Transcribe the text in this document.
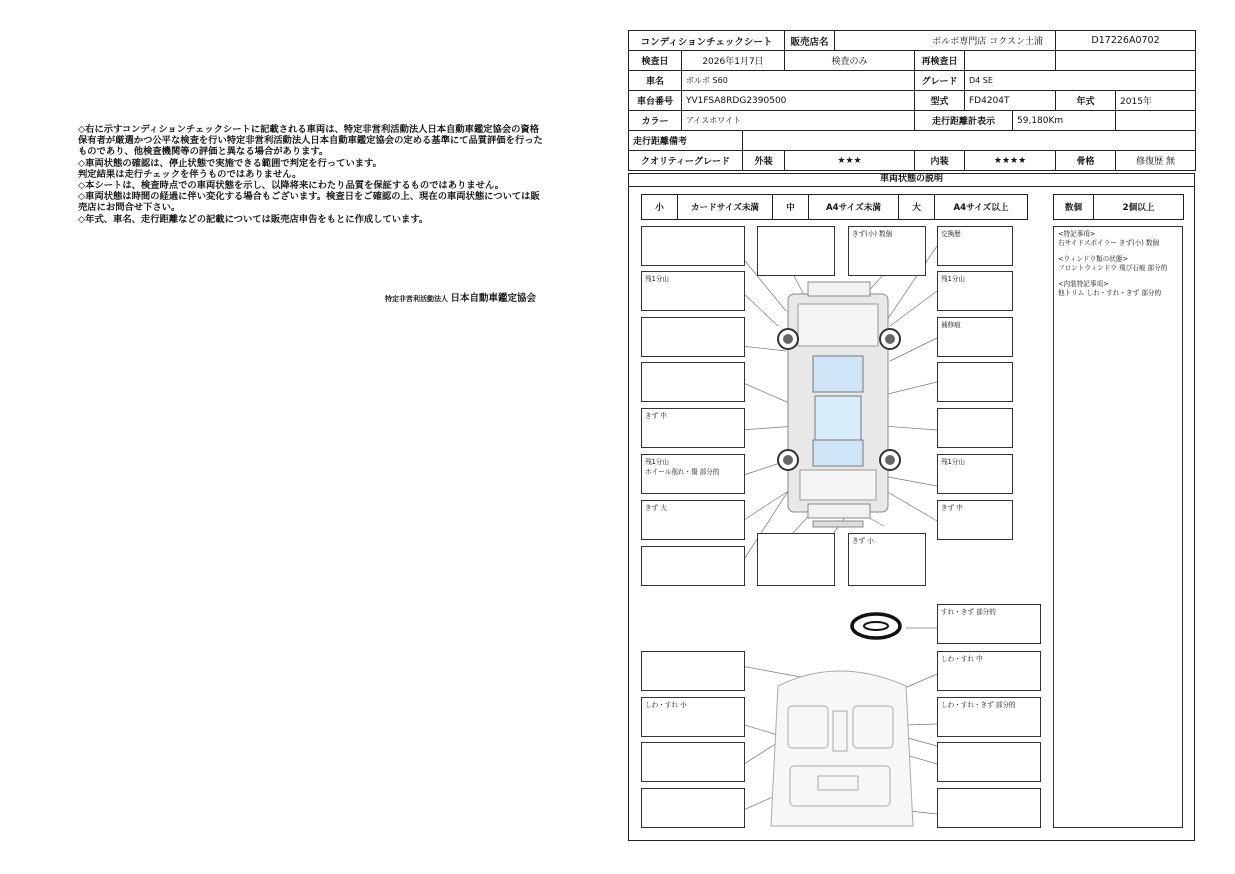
◇右に示すコンディションチェックシートに記載される車両は、特定非営利活動法人日本自動車鑑定協会の資格保有者が厳選かつ公平な検査を行い特定非営利活動法人日本自動車鑑定協会の定める基準にて品質評価を行ったものであり、他検査機関等の評価と異なる場合があります。
◇車両状態の確認は、停止状態で実施できる範囲で判定を行っています。
判定結果は走行チェックを伴うものではありません。
◇本シートは、検査時点での車両状態を示し、以降将来にわたり品質を保証するものではありません。
◇車両状態は時間の経過に伴い変化する場合もございます。検査日をご確認の上、現在の車両状態については販売店にお問合せ下さい。
◇年式、車名、走行距離などの記載については販売店申告をもとに作成しています。
特定非営利活動法人 日本自動車鑑定協会
コンディションチェックシート			販売店名	ボルボ専門店 コクスン土浦				D17226A0702	
検査日	2026年1月7日		検査のみ		再検査日				
車名	ボルボ S60				グレード	D4 SE			
車台番号	YV1FSA8RDG2390500				型式	FD4204T		年式	2015年
カラー	アイスホワイト				走行距離計表示		59,180Km		
走行距離備考									
クオリティーグレード		外装	★★★		内装	★★★★		骨格	修復歴 無
車両状態の説明
小	カードサイズ未満	中	A4サイズ未満	大	A4サイズ以上	数個	2個以上
きず(小) 数個	交換歴
残1分山	残1分山
補修痕
きず 中
残1分山
ホイール削れ・傷 部分的
残1分山
きず 大	きず 中
きず 小
すれ・きず 部分的
しわ・すれ 中
しわ・すれ 小	しわ・すれ・きず 部分的
<特記事項>
右サイドスポイラー きず(小) 数個
<ウィンドウ類の状態>
フロントウィンドウ 飛び石痕 部分的
<内装特記事項>
他トリム しわ・すれ・きず 部分的
